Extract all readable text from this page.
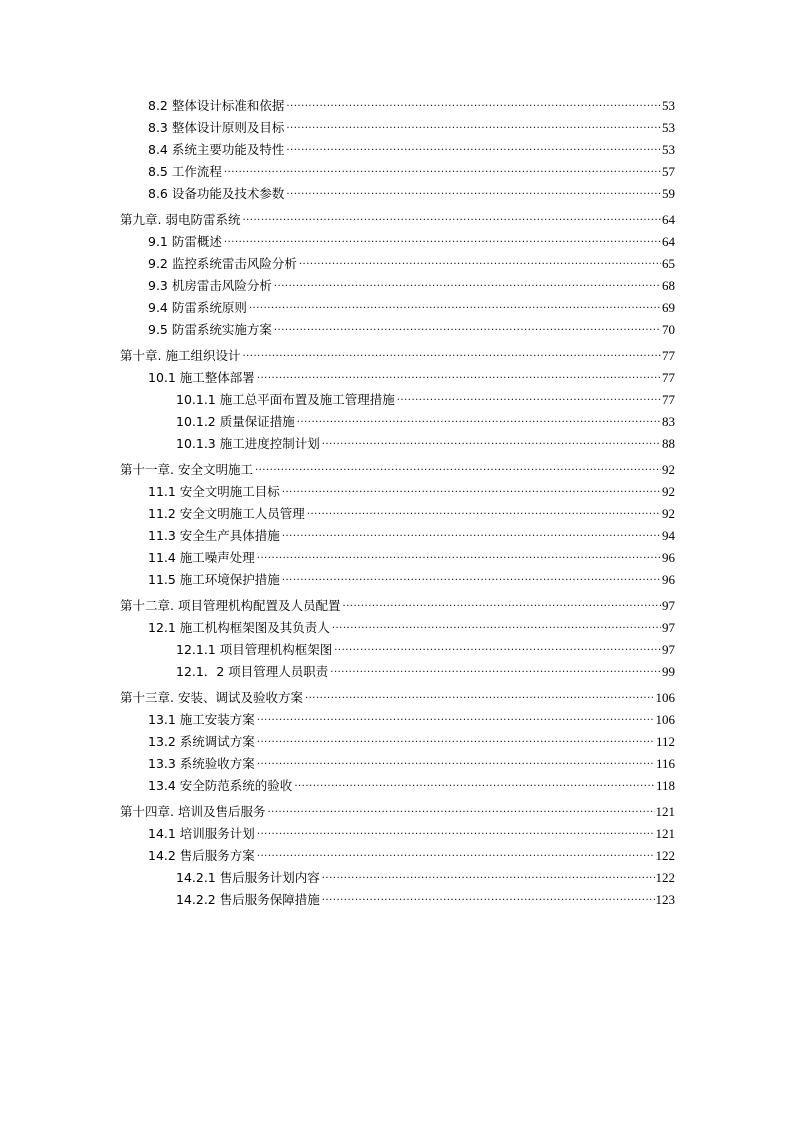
8.2 整体设计标准和依据 .....	53
8.3 整体设计原则及目标 .....	53
8.4 系统主要功能及特性 .....	53
8.5 工作流程 .....	57
8.6 设备功能及技术参数 .....	59
第九章. 弱电防雷系统 .....	64
9.1 防雷概述 .....	64
9.2 监控系统雷击风险分析 .....	65
9.3 机房雷击风险分析 .....	68
9.4 防雷系统原则 .....	69
9.5 防雷系统实施方案 .....	70
第十章. 施工组织设计 .....	77
10.1 施工整体部署 .....	77
10.1.1 施工总平面布置及施工管理措施 .....	77
10.1.2 质量保证措施 .....	83
10.1.3 施工进度控制计划 .....	88
第十一章. 安全文明施工 .....	92
11.1 安全文明施工目标 .....	92
11.2 安全文明施工人员管理 .....	92
11.3 安全生产具体措施 .....	94
11.4 施工噪声处理 .....	96
11.5 施工环境保护措施 .....	96
第十二章. 项目管理机构配置及人员配置 .....	97
12.1 施工机构框架图及其负责人 .....	97
12.1.1 项目管理机构框架图 .....	97
12.1．2 项目管理人员职责 .....	99
第十三章. 安装、调试及验收方案 .....	106
13.1 施工安装方案 .....	106
13.2 系统调试方案 .....	112
13.3 系统验收方案 .....	116
13.4 安全防范系统的验收 .....	118
第十四章. 培训及售后服务 .....	121
14.1 培训服务计划 .....	121
14.2 售后服务方案 .....	122
14.2.1 售后服务计划内容 .....	122
14.2.2 售后服务保障措施 .....	123
